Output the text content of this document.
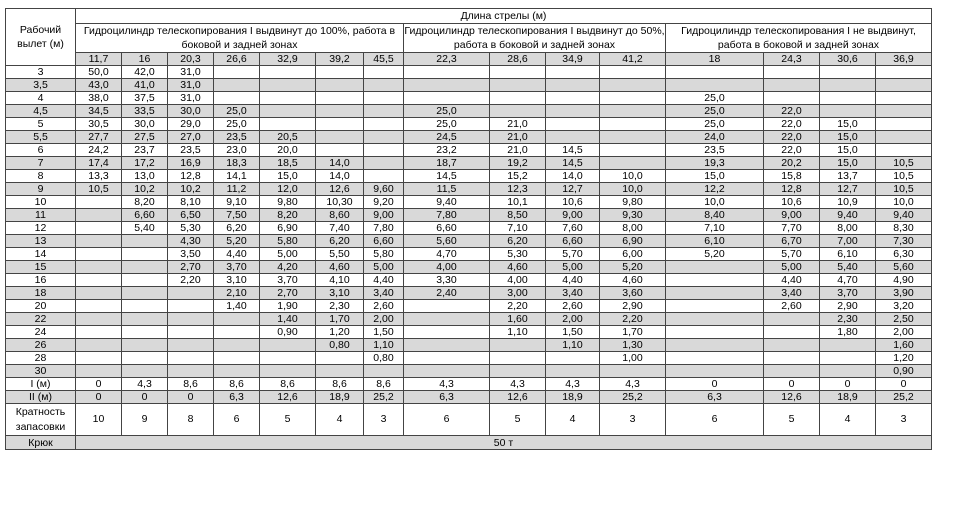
Рабочий вылет (м)	Длина стрелы (м)														
	Гидроцилиндр телескопирования I выдвинут до 100%, работа в боковой и задней зонах							Гидроцилиндр телескопирования I выдвинут до 50%, работа в боковой и задней зонах				Гидроцилиндр телескопирования I не выдвинут, работа в боковой и задней зонах			
	11,7	16	20,3	26,6	32,9	39,2	45,5	22,3	28,6	34,9	41,2	18	24,3	30,6	36,9
3	50,0	42,0	31,0												
3,5	43,0	41,0	31,0												
4	38,0	37,5	31,0									25,0			
4,5	34,5	33,5	30,0	25,0				25,0				25,0	22,0		
5	30,5	30,0	29,0	25,0				25,0	21,0			25,0	22,0	15,0	
5,5	27,7	27,5	27,0	23,5	20,5			24,5	21,0			24,0	22,0	15,0	
6	24,2	23,7	23,5	23,0	20,0			23,2	21,0	14,5		23,5	22,0	15,0	
7	17,4	17,2	16,9	18,3	18,5	14,0		18,7	19,2	14,5		19,3	20,2	15,0	10,5
8	13,3	13,0	12,8	14,1	15,0	14,0		14,5	15,2	14,0	10,0	15,0	15,8	13,7	10,5
9	10,5	10,2	10,2	11,2	12,0	12,6	9,60	11,5	12,3	12,7	10,0	12,2	12,8	12,7	10,5
10		8,20	8,10	9,10	9,80	10,30	9,20	9,40	10,1	10,6	9,80	10,0	10,6	10,9	10,0
11		6,60	6,50	7,50	8,20	8,60	9,00	7,80	8,50	9,00	9,30	8,40	9,00	9,40	9,40
12		5,40	5,30	6,20	6,90	7,40	7,80	6,60	7,10	7,60	8,00	7,10	7,70	8,00	8,30
13			4,30	5,20	5,80	6,20	6,60	5,60	6,20	6,60	6,90	6,10	6,70	7,00	7,30
14			3,50	4,40	5,00	5,50	5,80	4,70	5,30	5,70	6,00	5,20	5,70	6,10	6,30
15			2,70	3,70	4,20	4,60	5,00	4,00	4,60	5,00	5,20		5,00	5,40	5,60
16			2,20	3,10	3,70	4,10	4,40	3,30	4,00	4,40	4,60		4,40	4,70	4,90
18				2,10	2,70	3,10	3,40	2,40	3,00	3,40	3,60		3,40	3,70	3,90
20				1,40	1,90	2,30	2,60		2,20	2,60	2,90		2,60	2,90	3,20
22					1,40	1,70	2,00		1,60	2,00	2,20			2,30	2,50
24					0,90	1,20	1,50		1,10	1,50	1,70			1,80	2,00
26						0,80	1,10			1,10	1,30				1,60
28							0,80				1,00				1,20
30															0,90
I (м)	0	4,3	8,6	8,6	8,6	8,6	8,6	4,3	4,3	4,3	4,3	0	0	0	0
II (м)	0	0	0	6,3	12,6	18,9	25,2	6,3	12,6	18,9	25,2	6,3	12,6	18,9	25,2
Кратность запасовки	10	9	8	6	5	4	3	6	5	4	3	6	5	4	3
Крюк	50 т														
